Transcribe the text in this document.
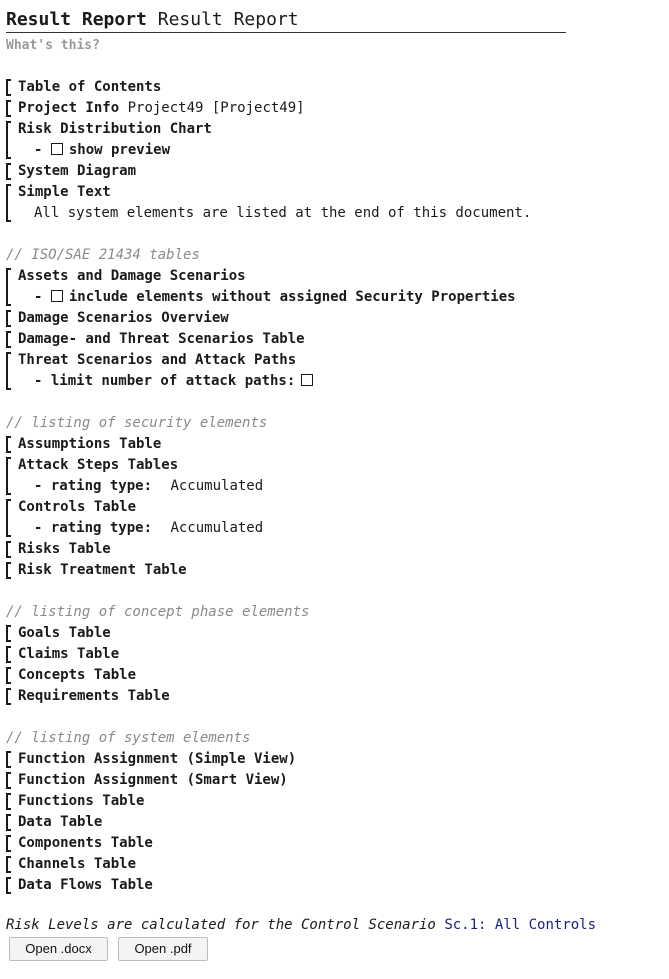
Result Report Result Report
What's this?
Table of Contents
Project Info Project49 [Project49]
Risk Distribution Chart
- show preview
System Diagram
Simple Text
All system elements are listed at the end of this document.
// ISO/SAE 21434 tables
Assets and Damage Scenarios
- include elements without assigned Security Properties
Damage Scenarios Overview
Damage- and Threat Scenarios Table
Threat Scenarios and Attack Paths
- limit number of attack paths:
// listing of security elements
Assumptions Table
Attack Steps Tables
- rating type: Accumulated
Controls Table
- rating type: Accumulated
Risks Table
Risk Treatment Table
// listing of concept phase elements
Goals Table
Claims Table
Concepts Table
Requirements Table
// listing of system elements
Function Assignment (Simple View)
Function Assignment (Smart View)
Functions Table
Data Table
Components Table
Channels Table
Data Flows Table
Risk Levels are calculated for the Control Scenario Sc.1: All Controls
Open .docx	Open .pdf
